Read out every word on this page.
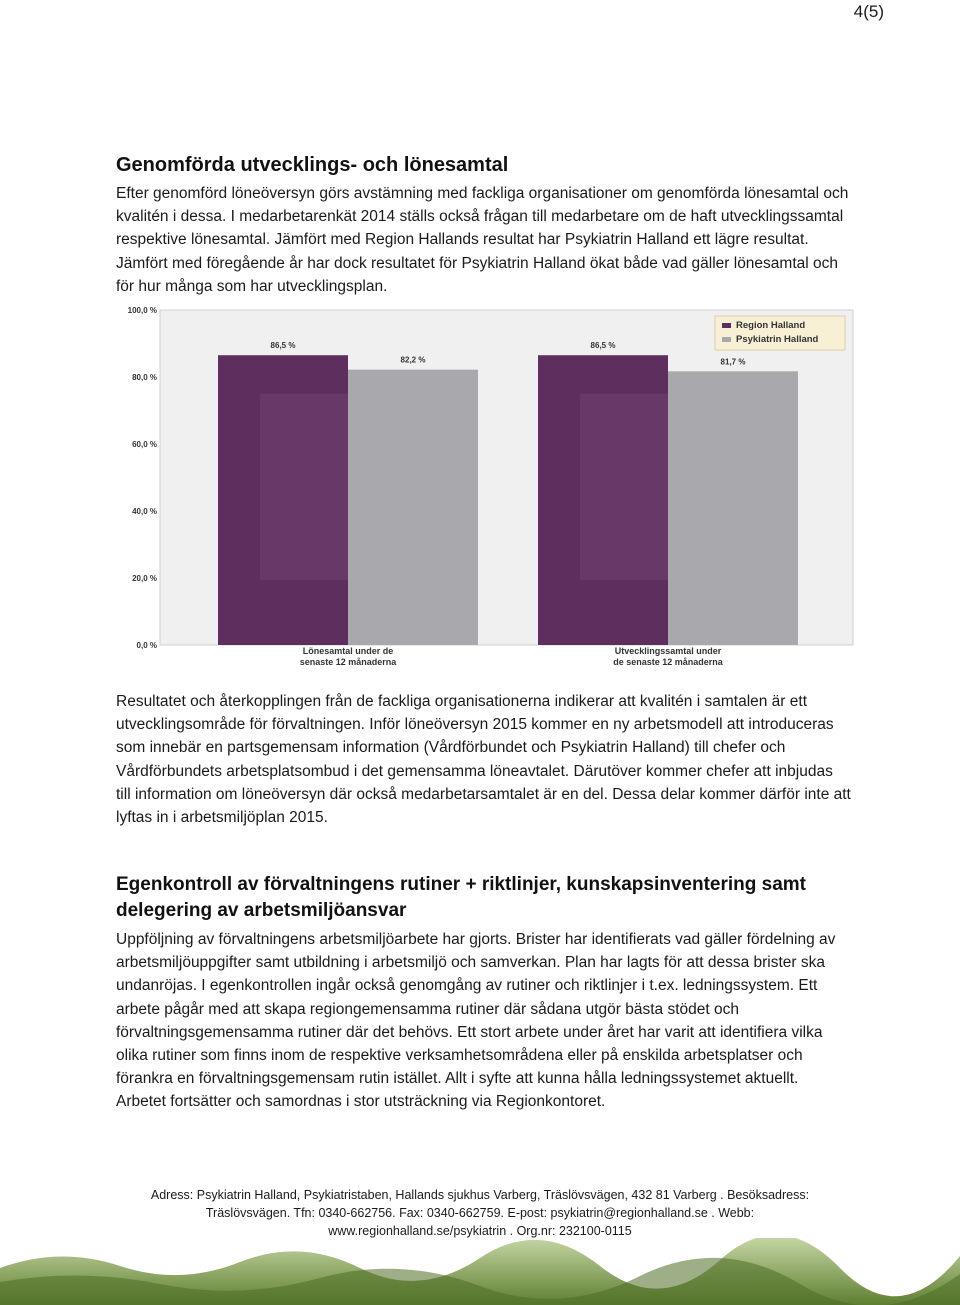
4(5)
Genomförda utvecklings- och lönesamtal

Efter genomförd löneöversyn görs avstämning med fackliga organisationer om genomförda lönesamtal och kvalitén i dessa. I medarbetarenkät 2014 ställs också frågan till medarbetare om de haft utvecklingssamtal respektive lönesamtal. Jämfört med Region Hallands resultat har Psykiatrin Halland ett lägre resultat. Jämfört med föregående år har dock resultatet för Psykiatrin Halland ökat både vad gäller lönesamtal och för hur många som har utvecklingsplan.

0,0 %
20,0 %
40,0 %
60,0 %
80,0 %
100,0 %
86,5 %	86,5 %
82,2 %	81,7 %
Lönesamtal under de
senaste 12 månaderna
Utvecklingssamtal under
de senaste 12 månaderna
Region Halland
Psykiatrin Halland

Resultatet och återkopplingen från de fackliga organisationerna indikerar att kvalitén i samtalen är ett utvecklingsområde för förvaltningen. Inför löneöversyn 2015 kommer en ny arbetsmodell att introduceras som innebär en partsgemensam information (Vårdförbundet och Psykiatrin Halland) till chefer och Vårdförbundets arbetsplatsombud i det gemensamma löneavtalet. Därutöver kommer chefer att inbjudas till information om löneöversyn där också medarbetarsamtalet är en del. Dessa delar kommer därför inte att lyftas in i arbetsmiljöplan 2015.

Egenkontroll av förvaltningens rutiner + riktlinjer, kunskapsinventering samt delegering av arbetsmiljöansvar

Uppföljning av förvaltningens arbetsmiljöarbete har gjorts. Brister har identifierats vad gäller fördelning av arbetsmiljöuppgifter samt utbildning i arbetsmiljö och samverkan. Plan har lagts för att dessa brister ska undanröjas. I egenkontrollen ingår också genomgång av rutiner och riktlinjer i t.ex. ledningssystem. Ett arbete pågår med att skapa regiongemensamma rutiner där sådana utgör bästa stödet och förvaltningsgemensamma rutiner där det behövs. Ett stort arbete under året har varit att identifiera vilka olika rutiner som finns inom de respektive verksamhetsområdena eller på enskilda arbetsplatser och förankra en förvaltningsgemensam rutin istället. Allt i syfte att kunna hålla ledningssystemet aktuellt. Arbetet fortsätter och samordnas i stor utsträckning via Regionkontoret.

Adress: Psykiatrin Halland, Psykiatristaben, Hallands sjukhus Varberg, Träslövsvägen, 432 81 Varberg . Besöksadress:
Träslövsvägen. Tfn: 0340-662756. Fax: 0340-662759. E-post: psykiatrin@regionhalland.se . Webb:
www.regionhalland.se/psykiatrin . Org.nr: 232100-0115
